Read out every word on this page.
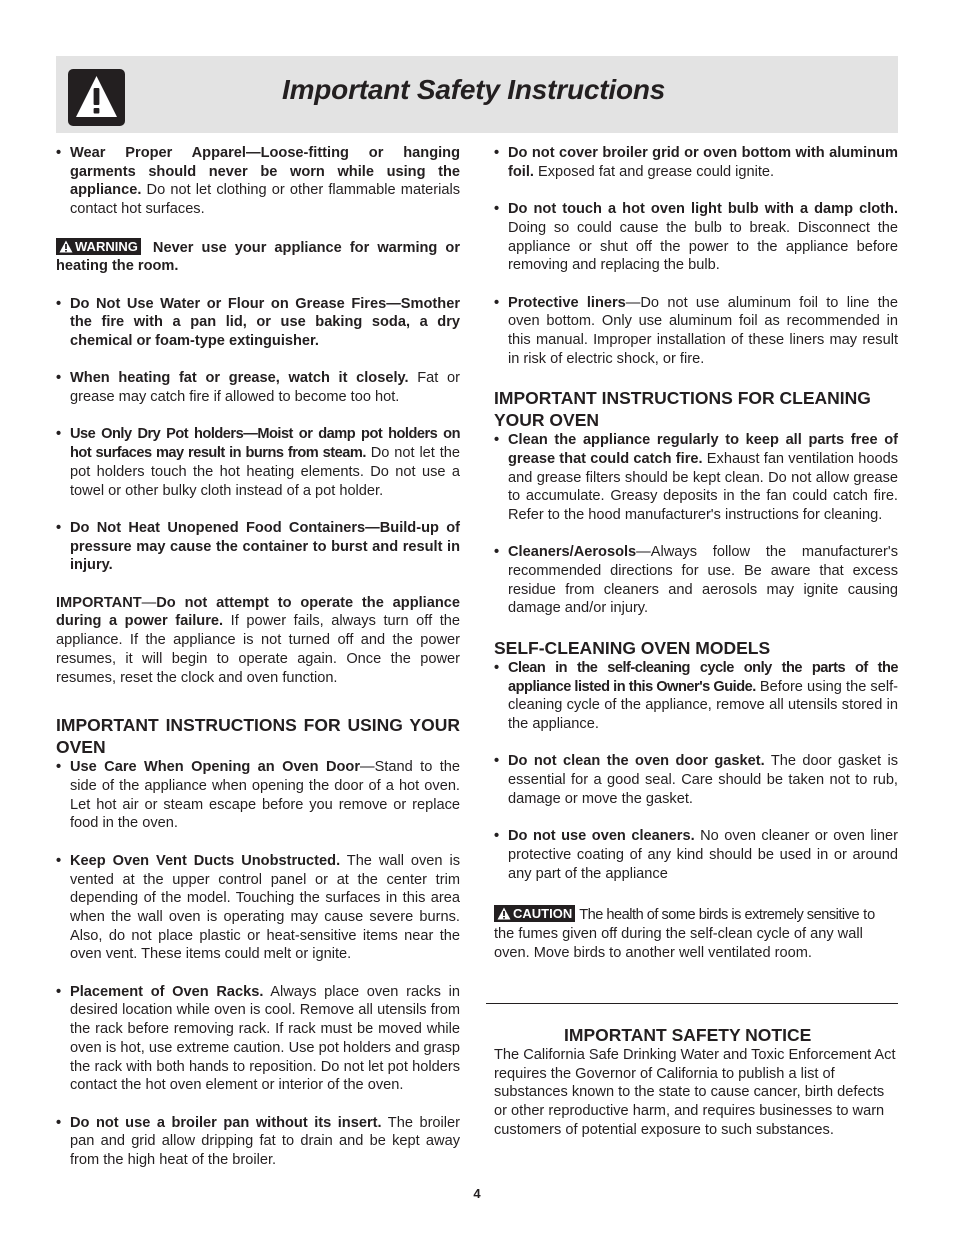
Important Safety Instructions
• Wear Proper Apparel—Loose-fitting or hanging garments should never be worn while using the appliance. Do not let clothing or other flammable materials contact hot surfaces.
WARNING Never use your appliance for warming or heating the room.
• Do Not Use Water or Flour on Grease Fires—Smother the fire with a pan lid, or use baking soda, a dry chemical or foam-type extinguisher.
• When heating fat or grease, watch it closely. Fat or grease may catch fire if allowed to become too hot.
• Use Only Dry Pot holders—Moist or damp pot holders on hot surfaces may result in burns from steam. Do not let the pot holders touch the hot heating elements. Do not use a towel or other bulky cloth instead of a pot holder.
• Do Not Heat Unopened Food Containers—Build-up of pressure may cause the container to burst and result in injury.
IMPORTANT—Do not attempt to operate the appliance during a power failure. If power fails, always turn off the appliance. If the appliance is not turned off and the power resumes, it will begin to operate again. Once the power resumes, reset the clock and oven function.
IMPORTANT INSTRUCTIONS FOR USING YOUR OVEN
• Use Care When Opening an Oven Door—Stand to the side of the appliance when opening the door of a hot oven. Let hot air or steam escape before you remove or replace food in the oven.
• Keep Oven Vent Ducts Unobstructed. The wall oven is vented at the upper control panel or at the center trim depending of the model. Touching the surfaces in this area when the wall oven is operating may cause severe burns. Also, do not place plastic or heat-sensitive items near the oven vent. These items could melt or ignite.
• Placement of Oven Racks. Always place oven racks in desired location while oven is cool. Remove all utensils from the rack before removing rack. If rack must be moved while oven is hot, use extreme caution. Use pot holders and grasp the rack with both hands to reposition. Do not let pot holders contact the hot oven element or interior of the oven.
• Do not use a broiler pan without its insert. The broiler pan and grid allow dripping fat to drain and be kept away from the high heat of the broiler.
• Do not cover broiler grid or oven bottom with aluminum foil. Exposed fat and grease could ignite.
• Do not touch a hot oven light bulb with a damp cloth. Doing so could cause the bulb to break. Disconnect the appliance or shut off the power to the appliance before removing and replacing the bulb.
• Protective liners—Do not use aluminum foil to line the oven bottom. Only use aluminum foil as recommended in this manual. Improper installation of these liners may result in risk of electric shock, or fire.
IMPORTANT INSTRUCTIONS FOR CLEANING YOUR OVEN
• Clean the appliance regularly to keep all parts free of grease that could catch fire. Exhaust fan ventilation hoods and grease filters should be kept clean. Do not allow grease to accumulate. Greasy deposits in the fan could catch fire. Refer to the hood manufacturer's instructions for cleaning.
• Cleaners/Aerosols—Always follow the manufacturer's recommended directions for use. Be aware that excess residue from cleaners and aerosols may ignite causing damage and/or injury.
SELF-CLEANING OVEN MODELS
• Clean in the self-cleaning cycle only the parts of the appliance listed in this Owner's Guide. Before using the self-cleaning cycle of the appliance, remove all utensils stored in the appliance.
• Do not clean the oven door gasket. The door gasket is essential for a good seal. Care should be taken not to rub, damage or move the gasket.
• Do not use oven cleaners. No oven cleaner or oven liner protective coating of any kind should be used in or around any part of the appliance
CAUTION The health of some birds is extremely sensitive to the fumes given off during the self-clean cycle of any wall oven. Move birds to another well ventilated room.
IMPORTANT SAFETY NOTICE
The California Safe Drinking Water and Toxic Enforcement Act requires the Governor of California to publish a list of substances known to the state to cause cancer, birth defects or other reproductive harm, and requires businesses to warn customers of potential exposure to such substances.
4
